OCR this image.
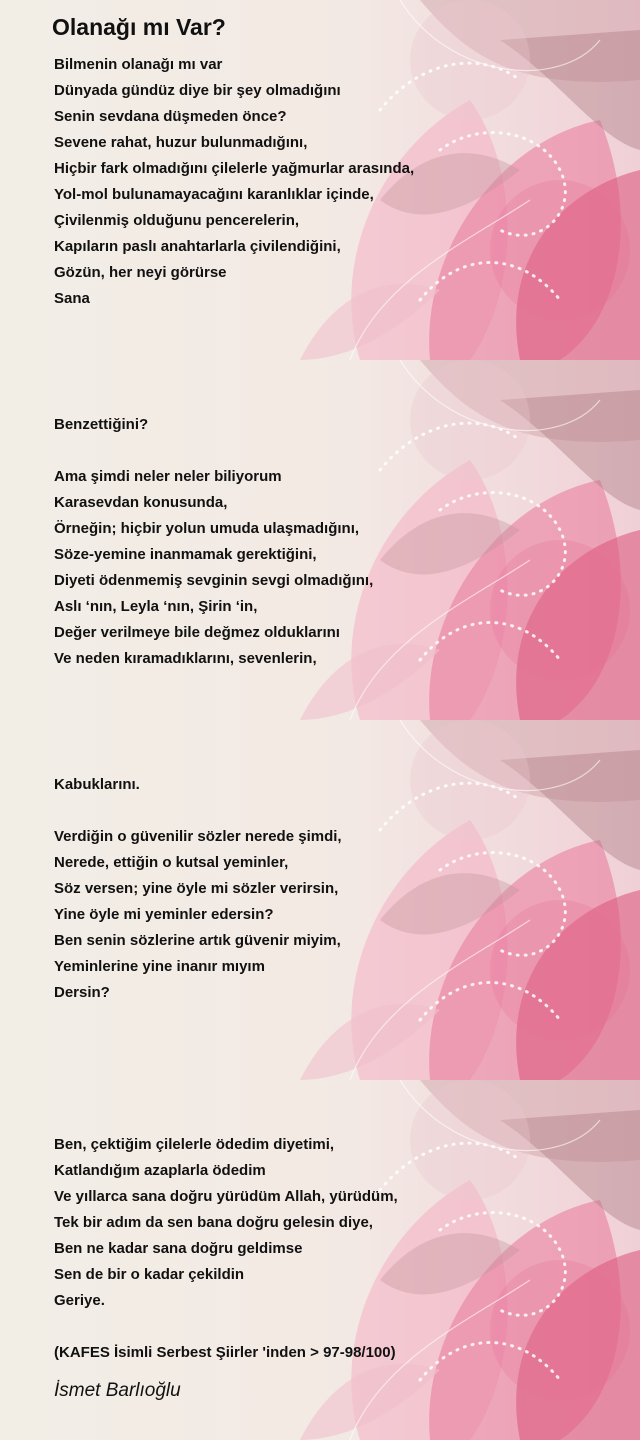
Olanağı mı Var?
Bilmenin olanağı mı var
Dünyada gündüz diye bir şey olmadığını
Senin sevdana düşmeden önce?
Sevene rahat, huzur bulunmadığını,
Hiçbir fark olmadığını çilelerle yağmurlar arasında,
Yol-mol bulunamayacağını karanlıklar içinde,
Çivilenmiş olduğunu pencerelerin,
Kapıların paslı anahtarlarla çivilendiğini,
Gözün, her neyi görürse
Sana
Benzettiğini?
Ama şimdi neler neler biliyorum
Karasevdan konusunda,
Örneğin; hiçbir yolun umuda ulaşmadığını,
Söze-yemine inanmamak gerektiğini,
Diyeti ödenmemiş sevginin sevgi olmadığını,
Aslı ‘nın, Leyla ‘nın, Şirin ‘in,
Değer verilmeye bile değmez olduklarını
Ve neden kıramadıklarını, sevenlerin,
Kabuklarını.
Verdiğin o güvenilir sözler nerede şimdi,
Nerede, ettiğin o kutsal yeminler,
Söz versen; yine öyle mi sözler verirsin,
Yine öyle mi yeminler edersin?
Ben senin sözlerine artık güvenir miyim,
Yeminlerine yine inanır mıyım
Dersin?
Ben, çektiğim çilelerle ödedim diyetimi,
Katlandığım azaplarla ödedim
Ve yıllarca sana doğru yürüdüm Allah, yürüdüm,
Tek bir adım da sen bana doğru gelesin diye,
Ben ne kadar sana doğru geldimse
Sen de bir o kadar çekildin
Geriye.
(KAFES İsimli Serbest Şiirler 'inden > 97-98/100)
İsmet Barlıoğlu
